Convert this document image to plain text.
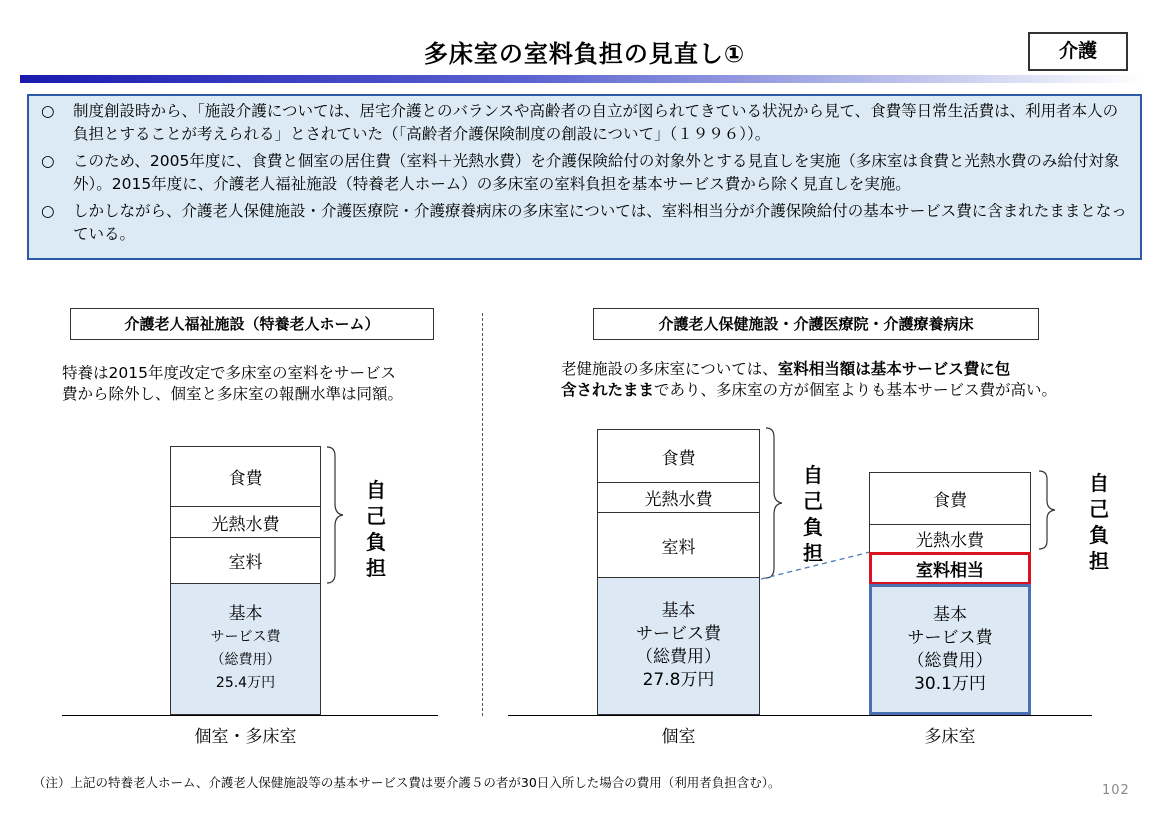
多床室の室料負担の見直し①	介護
○ 制度創設時から、「施設介護については、居宅介護とのバランスや高齢者の自立が図られてきている状況から見て、食費等日常生活費は、利用者本人の負担とすることが考えられる」とされていた（「高齢者介護保険制度の創設について」（１９９６））。
○ このため、2005年度に、食費と個室の居住費（室料＋光熱水費）を介護保険給付の対象外とする見直しを実施（多床室は食費と光熱水費のみ給付対象外）。2015年度に、介護老人福祉施設（特養老人ホーム）の多床室の室料負担を基本サービス費から除く見直しを実施。
○ しかしながら、介護老人保健施設・介護医療院・介護療養病床の多床室については、室料相当分が介護保険給付の基本サービス費に含まれたままとなっている。
介護老人福祉施設（特養老人ホーム）
特養は2015年度改定で多床室の室料をサービス
費から除外し、個室と多床室の報酬水準は同額。
食費
光熱水費
室料
基本
サービス費
（総費用）
25.4万円
自己負担
個室・多床室
介護老人保健施設・介護医療院・介護療養病床
老健施設の多床室については、室料相当額は基本サービス費に包
含されたままであり、多床室の方が個室よりも基本サービス費が高い。
食費
光熱水費
室料
基本
サービス費
（総費用）
27.8万円
自己負担
食費
光熱水費
室料相当
基本
サービス費
（総費用）
30.1万円
自己負担
個室	多床室
（注）上記の特養老人ホーム、介護老人保健施設等の基本サービス費は要介護５の者が30日入所した場合の費用（利用者負担含む）。
102
